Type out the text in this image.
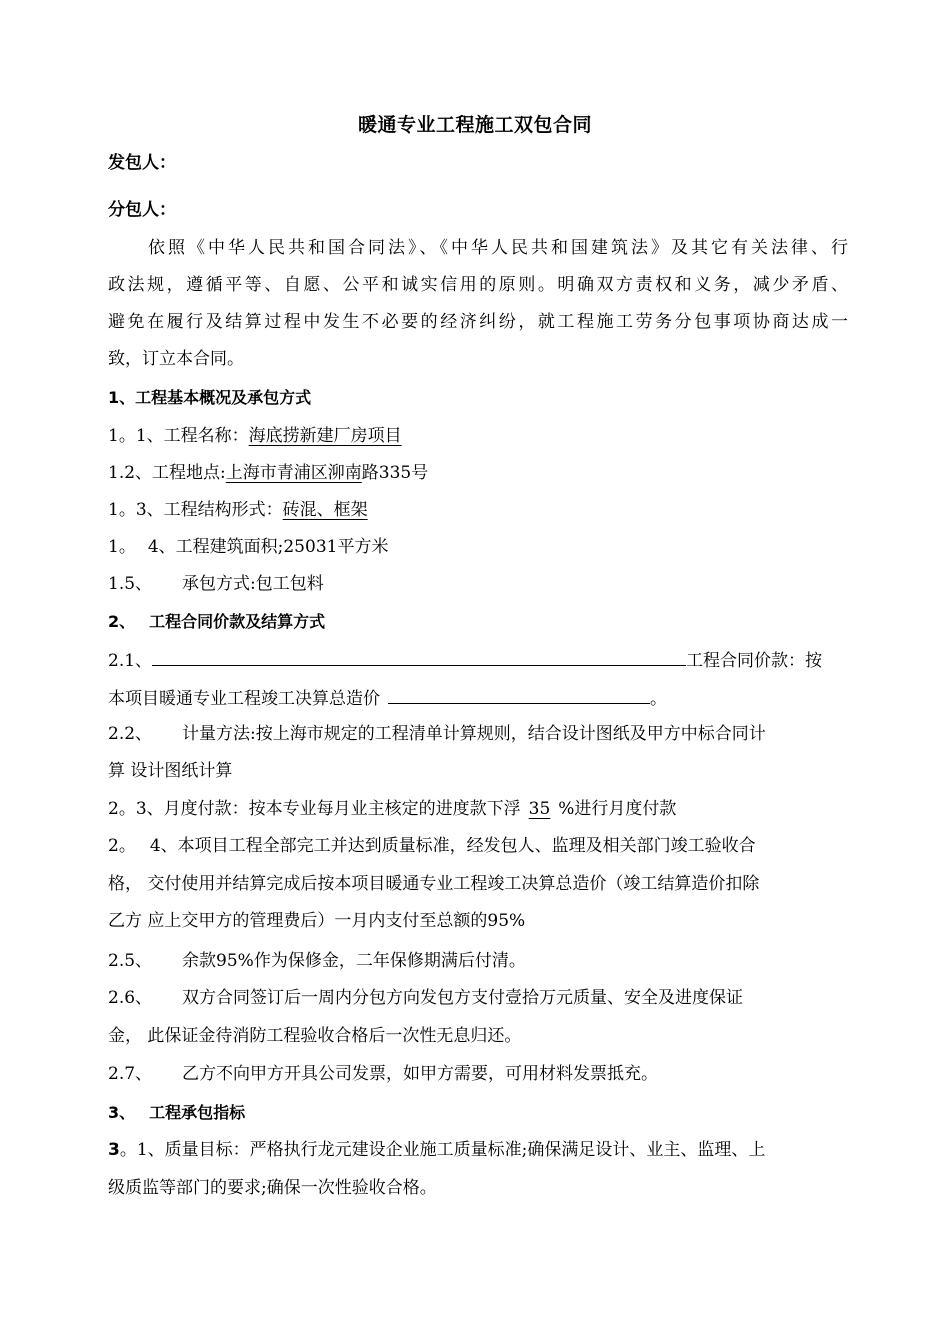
暖通专业工程施工双包合同
发包人：
分包人：
依照《中华人民共和国合同法》、《中华人民共和国建筑法》及其它有关法律、行
政法规，遵循平等、自愿、公平和诚实信用的原则。明确双方责权和义务，减少矛盾、
避免在履行及结算过程中发生不必要的经济纠纷，就工程施工劳务分包事项协商达成一
致，订立本合同。
1、工程基本概况及承包方式
1。1、工程名称：海底捞新建厂房项目
1.2、工程地点:上海市青浦区泖南路335号
1。3、工程结构形式：砖混、框架
1。 4、工程建筑面积;25031平方米
1.5、 承包方式:包工包料
2、 工程合同价款及结算方式
2.1、	工程合同价款：按
本项目暖通专业工程竣工决算总造价	。
2.2、 计量方法:按上海市规定的工程清单计算规则，结合设计图纸及甲方中标合同计
算 设计图纸计算
2。3、月度付款：按本专业每月业主核定的进度款下浮 35 %进行月度付款
2。 4、本项目工程全部完工并达到质量标准，经发包人、监理及相关部门竣工验收合
格， 交付使用并结算完成后按本项目暖通专业工程竣工决算总造价（竣工结算造价扣除
乙方 应上交甲方的管理费后）一月内支付至总额的95%
2.5、 余款95%作为保修金，二年保修期满后付清。
2.6、 双方合同签订后一周内分包方向发包方支付壹拾万元质量、安全及进度保证
金， 此保证金待消防工程验收合格后一次性无息归还。
2.7、 乙方不向甲方开具公司发票，如甲方需要，可用材料发票抵充。
3、 工程承包指标
3。1、质量目标：严格执行龙元建设企业施工质量标准;确保满足设计、业主、监理、上
级质监等部门的要求;确保一次性验收合格。
